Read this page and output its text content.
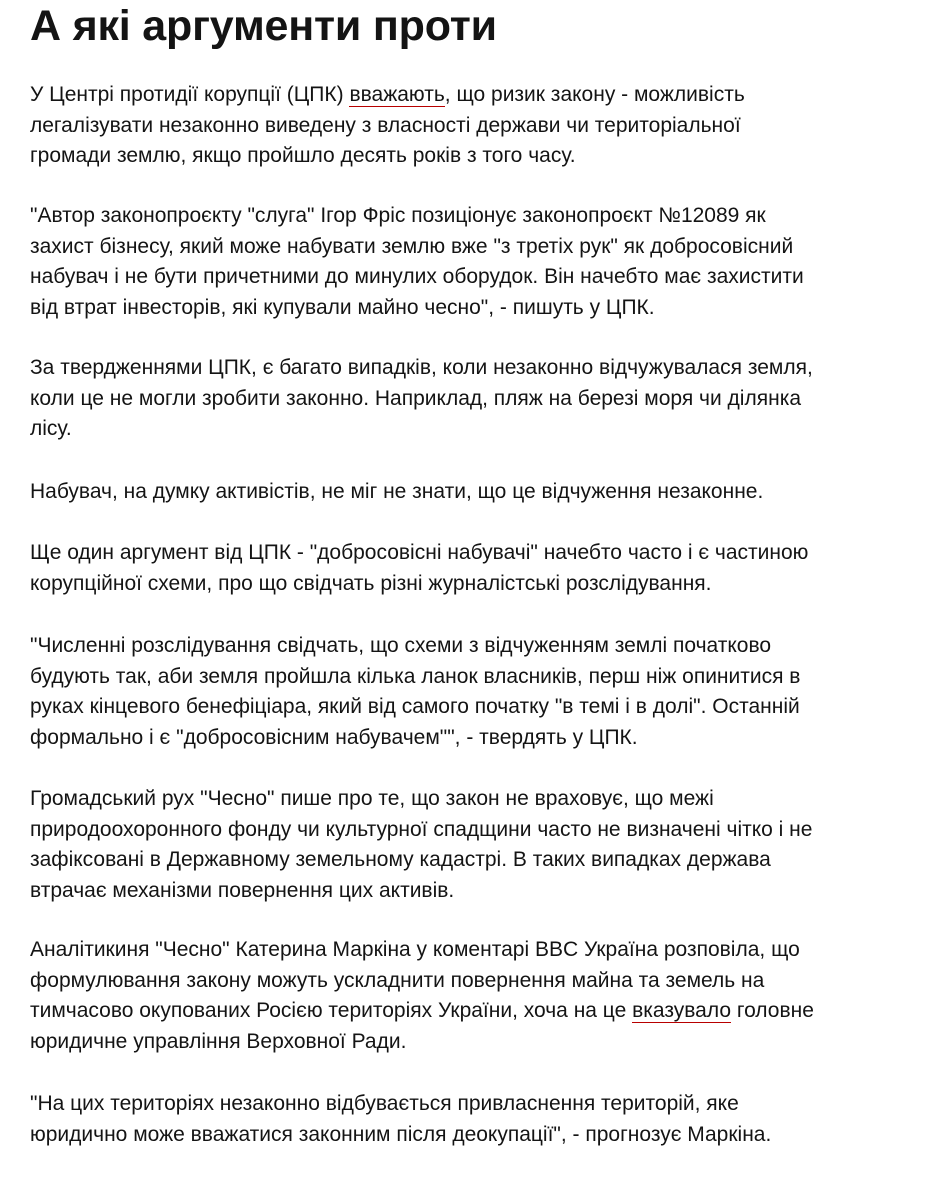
А які аргументи проти

У Центрі протидії корупції (ЦПК) вважають, що ризик закону - можливість
легалізувати незаконно виведену з власності держави чи територіальної
громади землю, якщо пройшло десять років з того часу.

"Автор законопроєкту "слуга" Ігор Фріс позиціонує законопроєкт №12089 як
захист бізнесу, який може набувати землю вже "з третіх рук" як добросовісний
набувач і не бути причетними до минулих оборудок. Він начебто має захистити
від втрат інвесторів, які купували майно чесно", - пишуть у ЦПК.

За твердженнями ЦПК, є багато випадків, коли незаконно відчужувалася земля,
коли це не могли зробити законно. Наприклад, пляж на березі моря чи ділянка
лісу.

Набувач, на думку активістів, не міг не знати, що це відчуження незаконне.

Ще один аргумент від ЦПК - "добросовісні набувачі" начебто часто і є частиною
корупційної схеми, про що свідчать різні журналістські розслідування.

"Численні розслідування свідчать, що схеми з відчуженням землі початково
будують так, аби земля пройшла кілька ланок власників, перш ніж опинитися в
руках кінцевого бенефіціара, який від самого початку "в темі і в долі". Останній
формально і є "добросовісним набувачем"", - твердять у ЦПК.

Громадський рух "Чесно" пише про те, що закон не враховує, що межі
природоохоронного фонду чи культурної спадщини часто не визначені чітко і не
зафіксовані в Державному земельному кадастрі. В таких випадках держава
втрачає механізми повернення цих активів.

Аналітикиня "Чесно" Катерина Маркіна у коментарі BBC Україна розповіла, що
формулювання закону можуть ускладнити повернення майна та земель на
тимчасово окупованих Росією територіях України, хоча на це вказувало головне
юридичне управління Верховної Ради.

"На цих територіях незаконно відбувається привласнення територій, яке
юридично може вважатися законним після деокупації", - прогнозує Маркіна.
